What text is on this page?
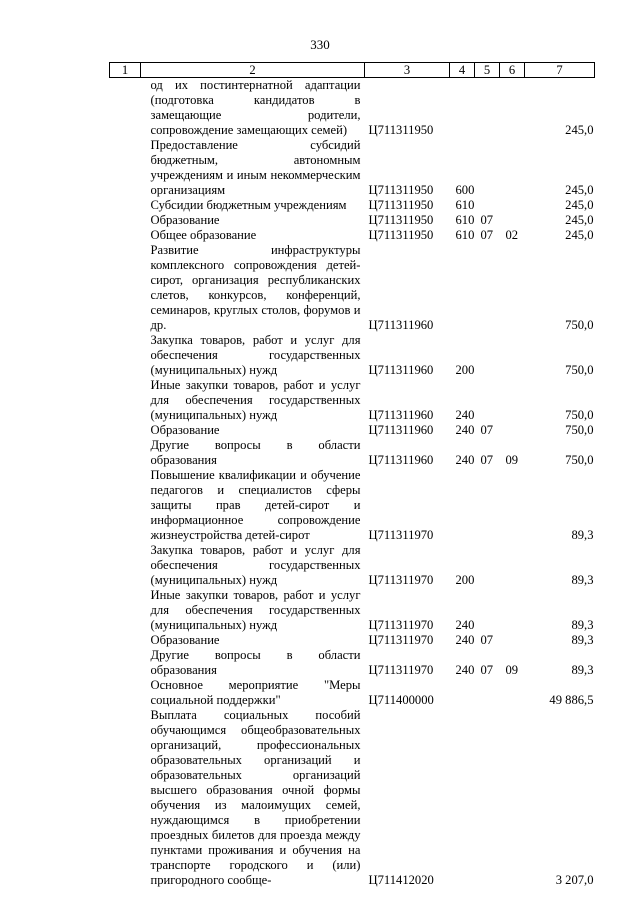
330
1	2	3	4	5	6	7
	од их постинтернатной адаптации (подготовка кандидатов в замещающие родители, сопровождение замещающих семей)	Ц711311950				245,0
	Предоставление субсидий бюджетным, автономным учреждениям и иным некоммерческим организациям	Ц711311950	600			245,0
	Субсидии бюджетным учреждениям	Ц711311950	610			245,0
	Образование	Ц711311950	610	07		245,0
	Общее образование	Ц711311950	610	07	02	245,0
	Развитие инфраструктуры комплексного сопровождения детей-сирот, организация республиканских слетов, конкурсов, конференций, семинаров, круглых столов, форумов и др.	Ц711311960				750,0
	Закупка товаров, работ и услуг для обеспечения государственных (муниципальных) нужд	Ц711311960	200			750,0
	Иные закупки товаров, работ и услуг для обеспечения государственных (муниципальных) нужд	Ц711311960	240			750,0
	Образование	Ц711311960	240	07		750,0
	Другие вопросы в области образования	Ц711311960	240	07	09	750,0
	Повышение квалификации и обучение педагогов и специалистов сферы защиты прав детей-сирот и информационное сопровождение жизнеустройства детей-сирот	Ц711311970				89,3
	Закупка товаров, работ и услуг для обеспечения государственных (муниципальных) нужд	Ц711311970	200			89,3
	Иные закупки товаров, работ и услуг для обеспечения государственных (муниципальных) нужд	Ц711311970	240			89,3
	Образование	Ц711311970	240	07		89,3
	Другие вопросы в области образования	Ц711311970	240	07	09	89,3
	Основное мероприятие "Меры социальной поддержки"	Ц711400000				49 886,5
	Выплата социальных пособий обучающимся общеобразовательных организаций, профессиональных образовательных организаций и образовательных организаций высшего образования очной формы обучения из малоимущих семей, нуждающимся в приобретении проездных билетов для проезда между пунктами проживания и обучения на транспорте городского и (или) пригородного сообще-	Ц711412020				3 207,0
